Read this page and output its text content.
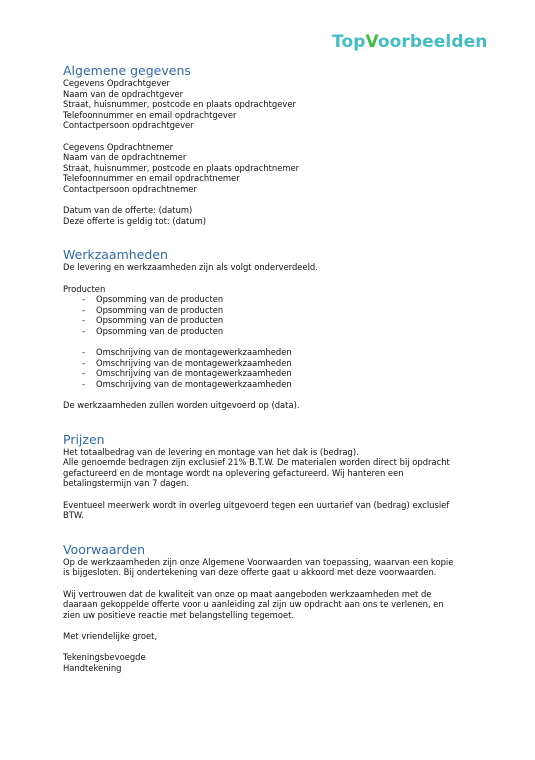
TopVoorbeelden
Algemene gegevens
Cegevens Opdrachtgever
Naam van de opdrachtgever
Straat, huisnummer, postcode en plaats opdrachtgever
Telefoonnummer en email opdrachtgever
Contactpersoon opdrachtgever
Cegevens Opdrachtnemer
Naam van de opdrachtnemer
Straat, huisnummer, postcode en plaats opdrachtnemer
Telefoonnummer en email opdrachtnemer
Contactpersoon opdrachtnemer
Datum van de offerte: (datum)
Deze offerte is geldig tot: (datum)
Werkzaamheden
De levering en werkzaamheden zijn als volgt onderverdeeld.
Producten
- Opsomming van de producten
- Opsomming van de producten
- Opsomming van de producten
- Opsomming van de producten
- Omschrijving van de montagewerkzaamheden
- Omschrijving van de montagewerkzaamheden
- Omschrijving van de montagewerkzaamheden
- Omschrijving van de montagewerkzaamheden
De werkzaamheden zullen worden uitgevoerd op (data).
Prijzen
Het totaalbedrag van de levering en montage van het dak is (bedrag).
Alle genoemde bedragen zijn exclusief 21% B.T.W. De materialen worden direct bij opdracht
gefactureerd en de montage wordt na oplevering gefactureerd. Wij hanteren een
betalingstermijn van 7 dagen.
Eventueel meerwerk wordt in overleg uitgevoerd tegen een uurtarief van (bedrag) exclusief
BTW.
Voorwaarden
Op de werkzaamheden zijn onze Algemene Voorwaarden van toepassing, waarvan een kopie
is bijgesloten. Bij ondertekening van deze offerte gaat u akkoord met deze voorwaarden.
Wij vertrouwen dat de kwaliteit van onze op maat aangeboden werkzaamheden met de
daaraan gekoppelde offerte voor u aanleiding zal zijn uw opdracht aan ons te verlenen, en
zien uw positieve reactie met belangstelling tegemoet.
Met vriendelijke groet,
Tekeningsbevoegde
Handtekening
